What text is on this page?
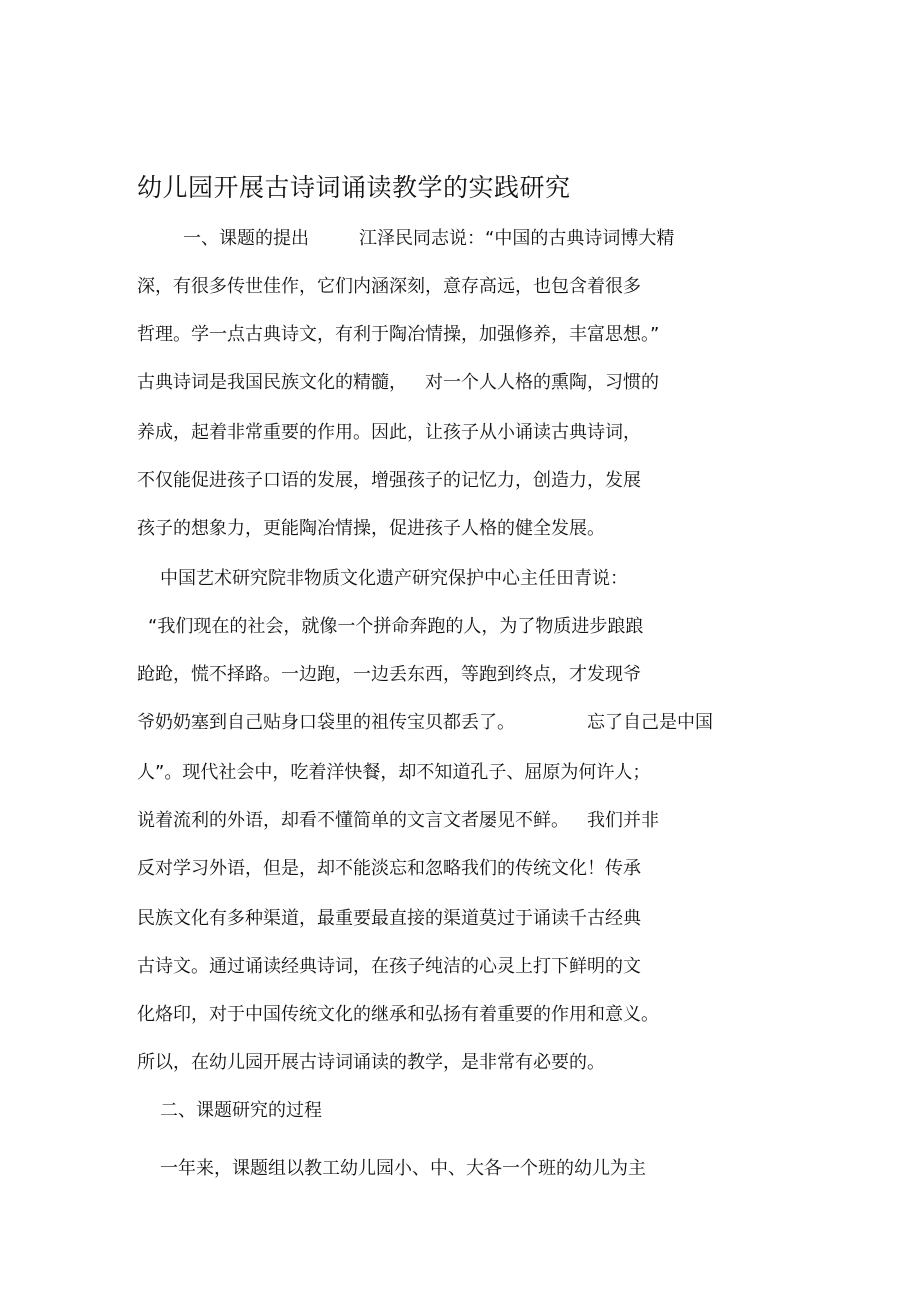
幼儿园开展古诗词诵读教学的实践研究
一、课题的提出	江泽民同志说：“中国的古典诗词博大精
深，有很多传世佳作，它们内涵深刻，意存高远，也包含着很多
哲理。学一点古典诗文，有利于陶冶情操，加强修养，丰富思想。”
古典诗词是我国民族文化的精髓， 对一个人人格的熏陶，习惯的
养成，起着非常重要的作用。因此，让孩子从小诵读古典诗词，
不仅能促进孩子口语的发展，增强孩子的记忆力，创造力，发展
孩子的想象力，更能陶冶情操，促进孩子人格的健全发展。
中国艺术研究院非物质文化遗产研究保护中心主任田青说：
“我们现在的社会，就像一个拼命奔跑的人，为了物质进步踉踉
跄跄，慌不择路。一边跑，一边丢东西，等跑到终点，才发现爷
爷奶奶塞到自己贴身口袋里的祖传宝贝都丢了。	忘了自己是中国
人”。现代社会中，吃着洋快餐，却不知道孔子、屈原为何许人；
说着流利的外语，却看不懂简单的文言文者屡见不鲜。 我们并非
反对学习外语，但是，却不能淡忘和忽略我们的传统文化！传承
民族文化有多种渠道，最重要最直接的渠道莫过于诵读千古经典
古诗文。通过诵读经典诗词，在孩子纯洁的心灵上打下鲜明的文
化烙印，对于中国传统文化的继承和弘扬有着重要的作用和意义。
所以，在幼儿园开展古诗词诵读的教学，是非常有必要的。
二、课题研究的过程
一年来，课题组以教工幼儿园小、中、大各一个班的幼儿为主
